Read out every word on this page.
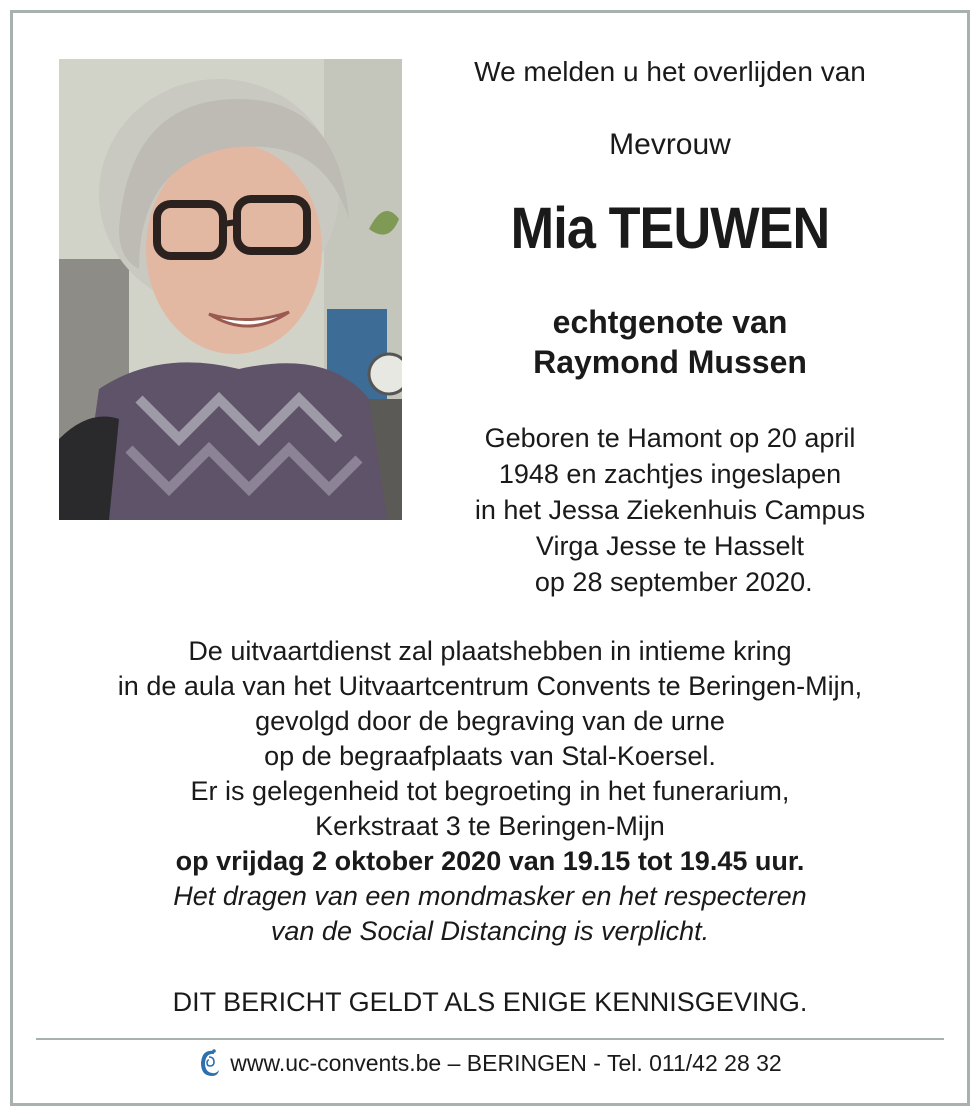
We melden u het overlijden van
Mevrouw
Mia TEUWEN
echtgenote van
Raymond Mussen
Geboren te Hamont op 20 april
1948 en zachtjes ingeslapen
in het Jessa Ziekenhuis Campus
Virga Jesse te Hasselt
op 28 september 2020.
De uitvaartdienst zal plaatshebben in intieme kring
in de aula van het Uitvaartcentrum Convents te Beringen-Mijn,
gevolgd door de begraving van de urne
op de begraafplaats van Stal-Koersel.
Er is gelegenheid tot begroeting in het funerarium,
Kerkstraat 3 te Beringen-Mijn
op vrijdag 2 oktober 2020 van 19.15 tot 19.45 uur.
Het dragen van een mondmasker en het respecteren
van de Social Distancing is verplicht.
DIT BERICHT GELDT ALS ENIGE KENNISGEVING.
www.uc-convents.be – BERINGEN - Tel. 011/42 28 32
